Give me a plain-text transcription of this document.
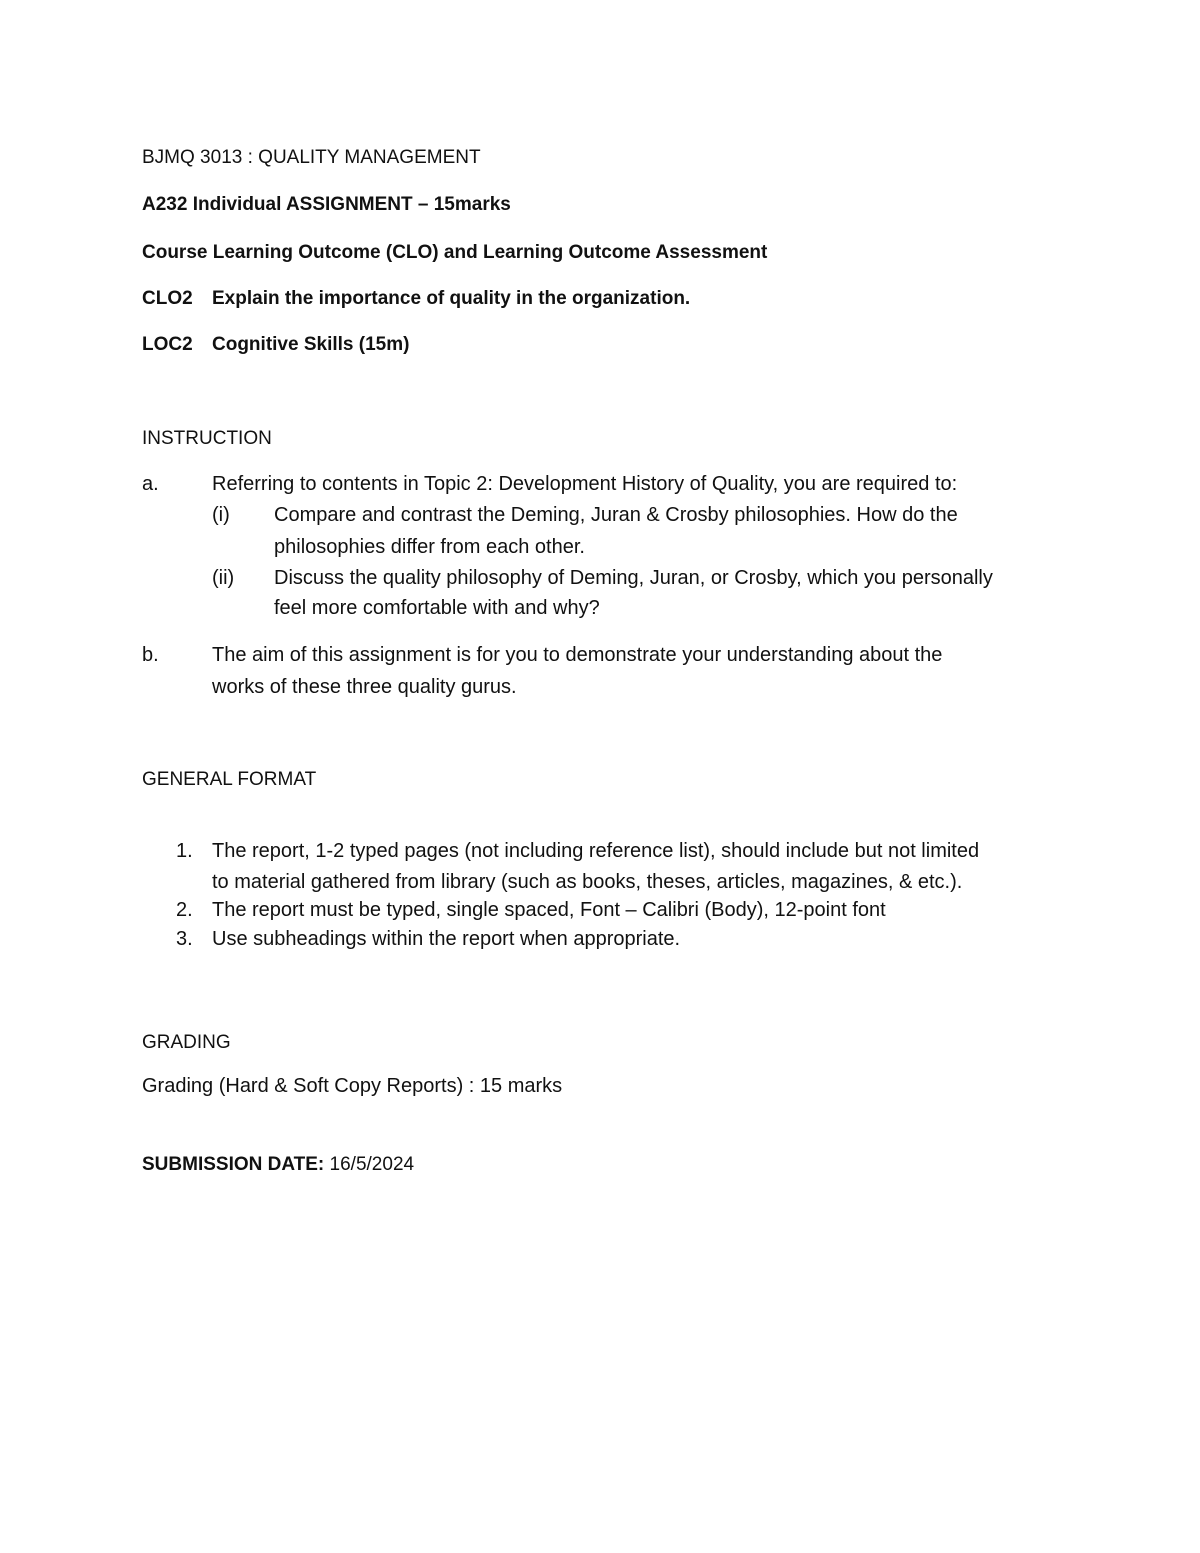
BJMQ 3013 : QUALITY MANAGEMENT
A232 Individual ASSIGNMENT – 15marks
Course Learning Outcome (CLO) and Learning Outcome Assessment
CLO2 Explain the importance of quality in the organization.
LOC2 Cognitive Skills (15m)
INSTRUCTION
a.	Referring to contents in Topic 2: Development History of Quality, you are required to:
(i) Compare and contrast the Deming, Juran & Crosby philosophies. How do the
philosophies differ from each other.
(ii) Discuss the quality philosophy of Deming, Juran, or Crosby, which you personally
feel more comfortable with and why?
b.	The aim of this assignment is for you to demonstrate your understanding about the
works of these three quality gurus.
GENERAL FORMAT
1. The report, 1-2 typed pages (not including reference list), should include but not limited
to material gathered from library (such as books, theses, articles, magazines, & etc.).
2. The report must be typed, single spaced, Font – Calibri (Body), 12-point font
3. Use subheadings within the report when appropriate.
GRADING
Grading (Hard & Soft Copy Reports) : 15 marks
SUBMISSION DATE: 16/5/2024
